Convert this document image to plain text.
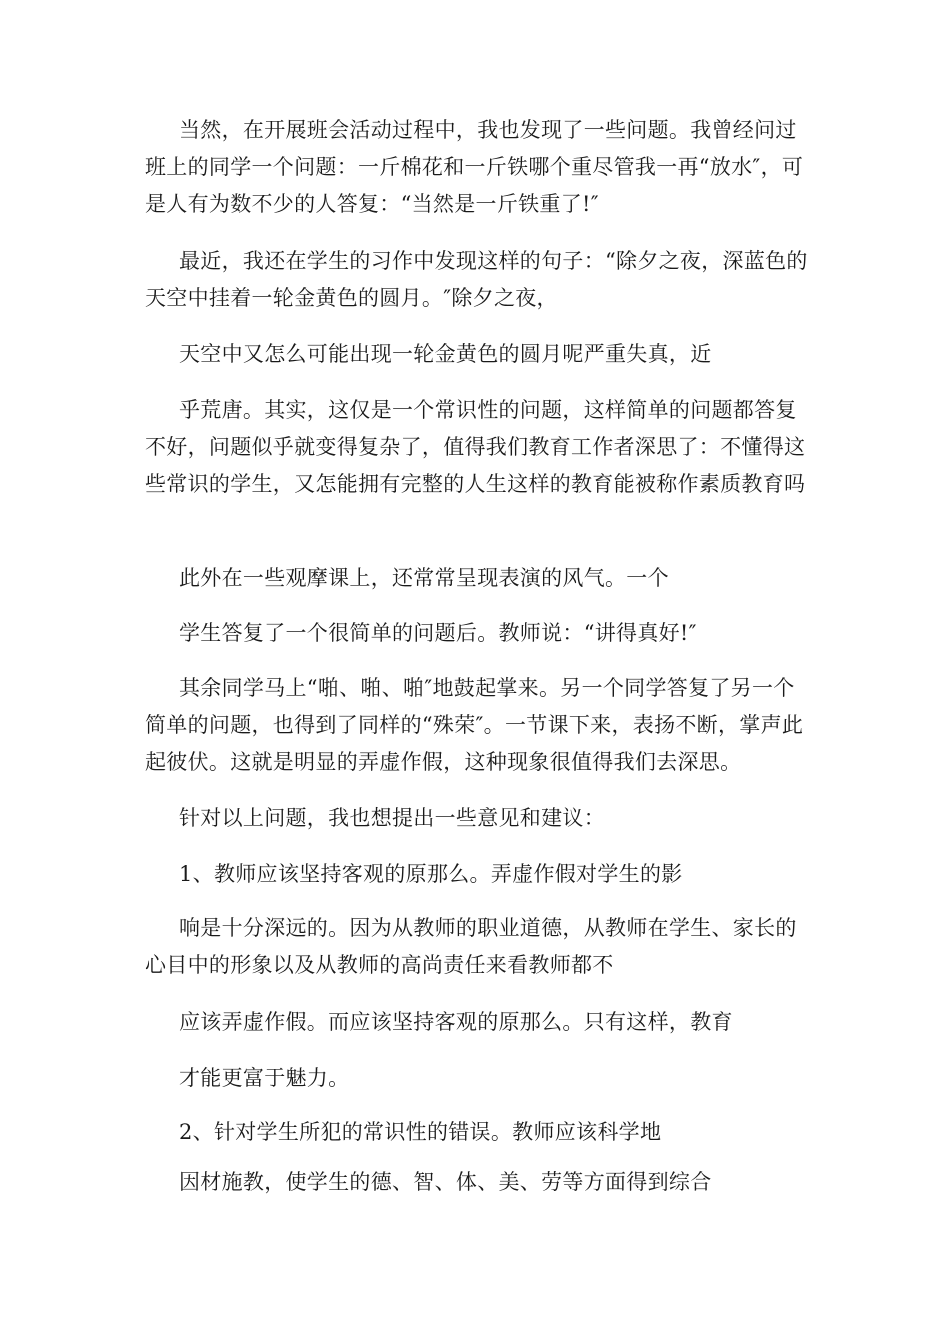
当然，在开展班会活动过程中，我也发现了一些问题。我曾经问过班上的同学一个问题：一斤棉花和一斤铁哪个重尽管我一再“放水″，可是人有为数不少的人答复：“当然是一斤铁重了!″

最近，我还在学生的习作中发现这样的句子：“除夕之夜，深蓝色的天空中挂着一轮金黄色的圆月。″除夕之夜，

天空中又怎么可能出现一轮金黄色的圆月呢严重失真，近

乎荒唐。其实，这仅是一个常识性的问题，这样简单的问题都答复不好，问题似乎就变得复杂了，值得我们教育工作者深思了：不懂得这些常识的学生，又怎能拥有完整的人生这样的教育能被称作素质教育吗

此外在一些观摩课上，还常常呈现表演的风气。一个

学生答复了一个很简单的问题后。教师说：“讲得真好!″

其余同学马上“啪、啪、啪″地鼓起掌来。另一个同学答复了另一个简单的问题，也得到了同样的“殊荣″。一节课下来，表扬不断，掌声此起彼伏。这就是明显的弄虚作假，这种现象很值得我们去深思。

针对以上问题，我也想提出一些意见和建议：

1、教师应该坚持客观的原那么。弄虚作假对学生的影

响是十分深远的。因为从教师的职业道德，从教师在学生、家长的心目中的形象以及从教师的高尚责任来看教师都不

应该弄虚作假。而应该坚持客观的原那么。只有这样，教育

才能更富于魅力。

2、针对学生所犯的常识性的错误。教师应该科学地

因材施教，使学生的德、智、体、美、劳等方面得到综合
